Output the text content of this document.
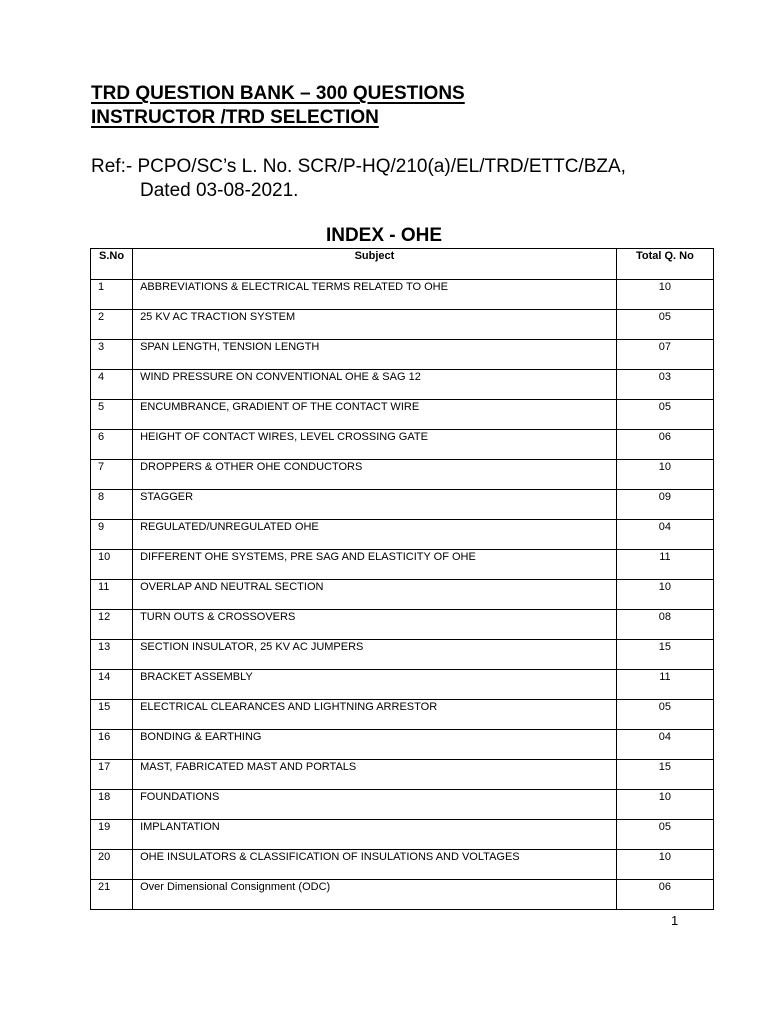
TRD QUESTION BANK – 300 QUESTIONS
INSTRUCTOR /TRD SELECTION
Ref:- PCPO/SC’s L. No. SCR/P-HQ/210(a)/EL/TRD/ETTC/BZA,
Dated 03-08-2021.
INDEX - OHE
S.No	Subject	Total Q. No
1	ABBREVIATIONS & ELECTRICAL TERMS RELATED TO OHE	10
2	25 KV AC TRACTION SYSTEM	05
3	SPAN LENGTH, TENSION LENGTH	07
4	WIND PRESSURE ON CONVENTIONAL OHE & SAG 12	03
5	ENCUMBRANCE, GRADIENT OF THE CONTACT WIRE	05
6	HEIGHT OF CONTACT WIRES, LEVEL CROSSING GATE	06
7	DROPPERS & OTHER OHE CONDUCTORS	10
8	STAGGER	09
9	REGULATED/UNREGULATED OHE	04
10	DIFFERENT OHE SYSTEMS, PRE SAG AND ELASTICITY OF OHE	11
11	OVERLAP AND NEUTRAL SECTION	10
12	TURN OUTS & CROSSOVERS	08
13	SECTION INSULATOR, 25 KV AC JUMPERS	15
14	BRACKET ASSEMBLY	11
15	ELECTRICAL CLEARANCES AND LIGHTNING ARRESTOR	05
16	BONDING & EARTHING	04
17	MAST, FABRICATED MAST AND PORTALS	15
18	FOUNDATIONS	10
19	IMPLANTATION	05
20	OHE INSULATORS & CLASSIFICATION OF INSULATIONS AND VOLTAGES	10
21	Over Dimensional Consignment (ODC)	06
1
